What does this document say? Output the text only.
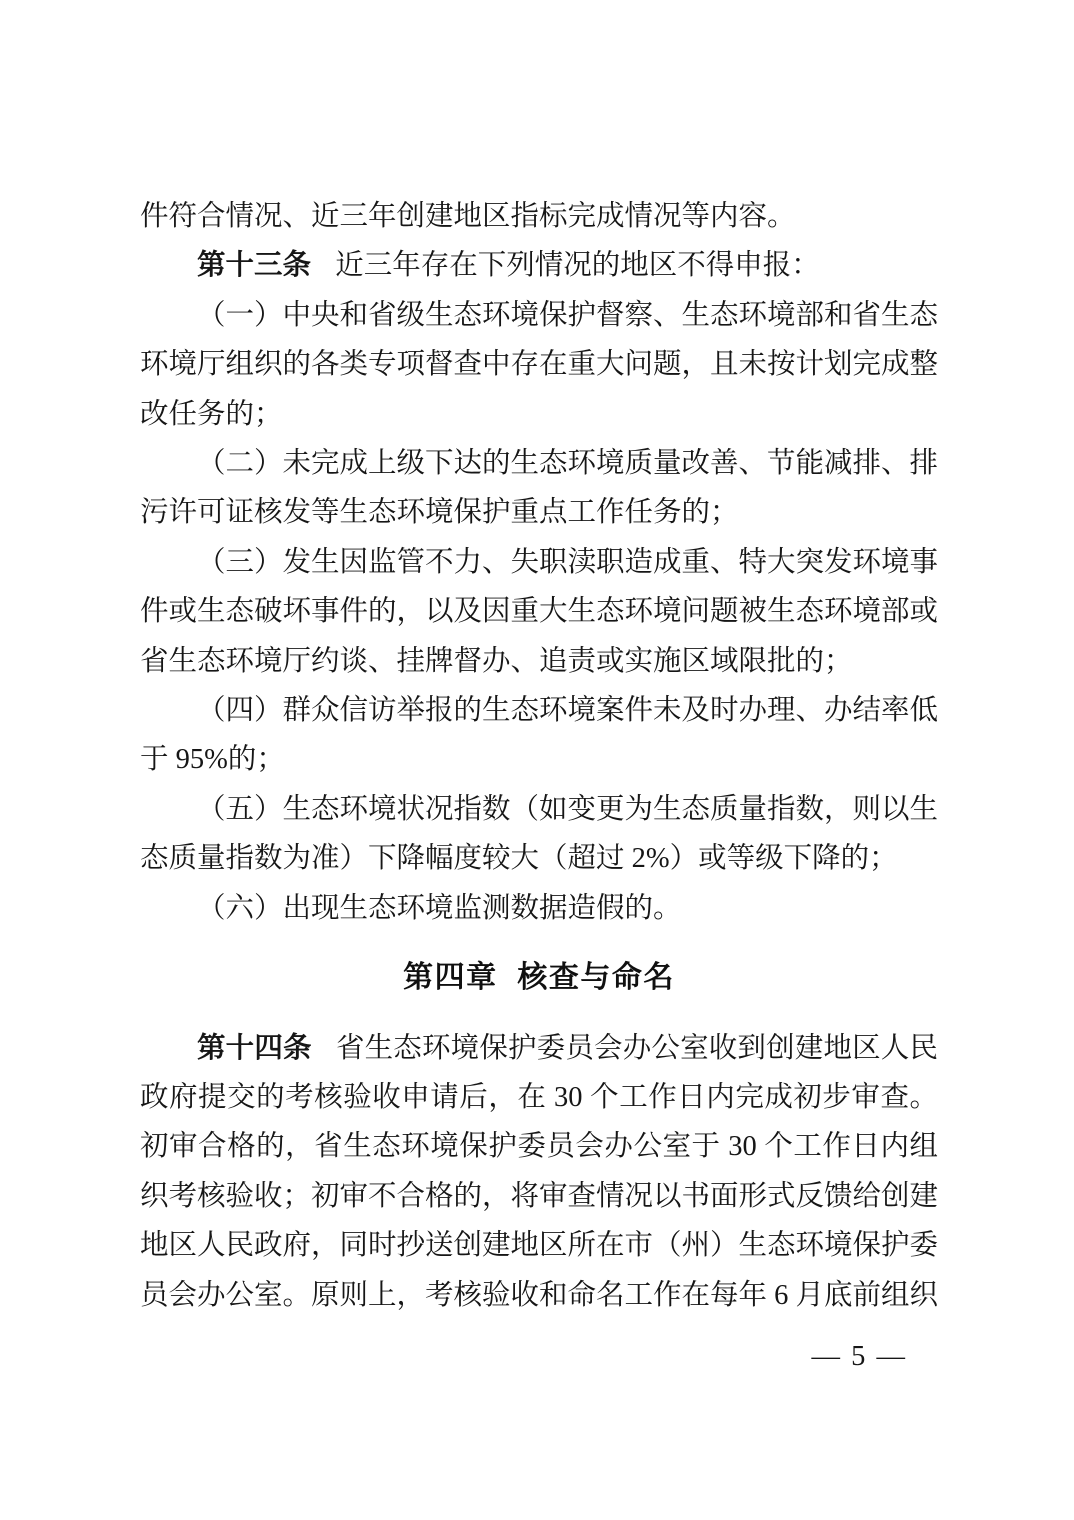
件符合情况、近三年创建地区指标完成情况等内容。

第十三条 近三年存在下列情况的地区不得申报：

（一）中央和省级生态环境保护督察、生态环境部和省生态环境厅组织的各类专项督查中存在重大问题，且未按计划完成整改任务的；

（二）未完成上级下达的生态环境质量改善、节能减排、排污许可证核发等生态环境保护重点工作任务的；

（三）发生因监管不力、失职渎职造成重、特大突发环境事件或生态破坏事件的，以及因重大生态环境问题被生态环境部或省生态环境厅约谈、挂牌督办、追责或实施区域限批的；

（四）群众信访举报的生态环境案件未及时办理、办结率低于 95%的；

（五）生态环境状况指数（如变更为生态质量指数，则以生态质量指数为准）下降幅度较大（超过 2%）或等级下降的；

（六）出现生态环境监测数据造假的。

第四章  核查与命名

第十四条 省生态环境保护委员会办公室收到创建地区人民政府提交的考核验收申请后，在 30 个工作日内完成初步审查。初审合格的，省生态环境保护委员会办公室于 30 个工作日内组织考核验收；初审不合格的，将审查情况以书面形式反馈给创建地区人民政府，同时抄送创建地区所在市（州）生态环境保护委员会办公室。原则上，考核验收和命名工作在每年 6 月底前组织

— 5 —
